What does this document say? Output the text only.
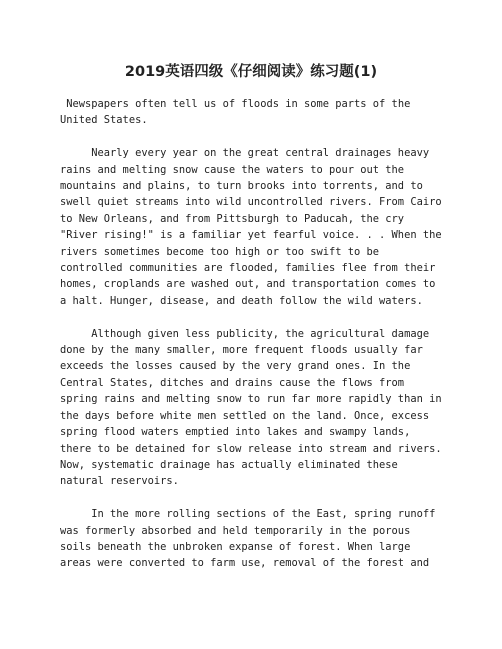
2019英语四级《仔细阅读》练习题(1)

Newspapers often tell us of floods in some parts of the
United States.

Nearly every year on the great central drainages heavy
rains and melting snow cause the waters to pour out the
mountains and plains, to turn brooks into torrents, and to
swell quiet streams into wild uncontrolled rivers. From Cairo
to New Orleans, and from Pittsburgh to Paducah, the cry
"River rising!" is a familiar yet fearful voice. . . When the
rivers sometimes become too high or too swift to be
controlled communities are flooded, families flee from their
homes, croplands are washed out, and transportation comes to
a halt. Hunger, disease, and death follow the wild waters.

Although given less publicity, the agricultural damage
done by the many smaller, more frequent floods usually far
exceeds the losses caused by the very grand ones. In the
Central States, ditches and drains cause the flows from
spring rains and melting snow to run far more rapidly than in
the days before white men settled on the land. Once, excess
spring flood waters emptied into lakes and swampy lands,
there to be detained for slow release into stream and rivers.
Now, systematic drainage has actually eliminated these
natural reservoirs.

In the more rolling sections of the East, spring runoff
was formerly absorbed and held temporarily in the porous
soils beneath the unbroken expanse of forest. When large
areas were converted to farm use, removal of the forest and
